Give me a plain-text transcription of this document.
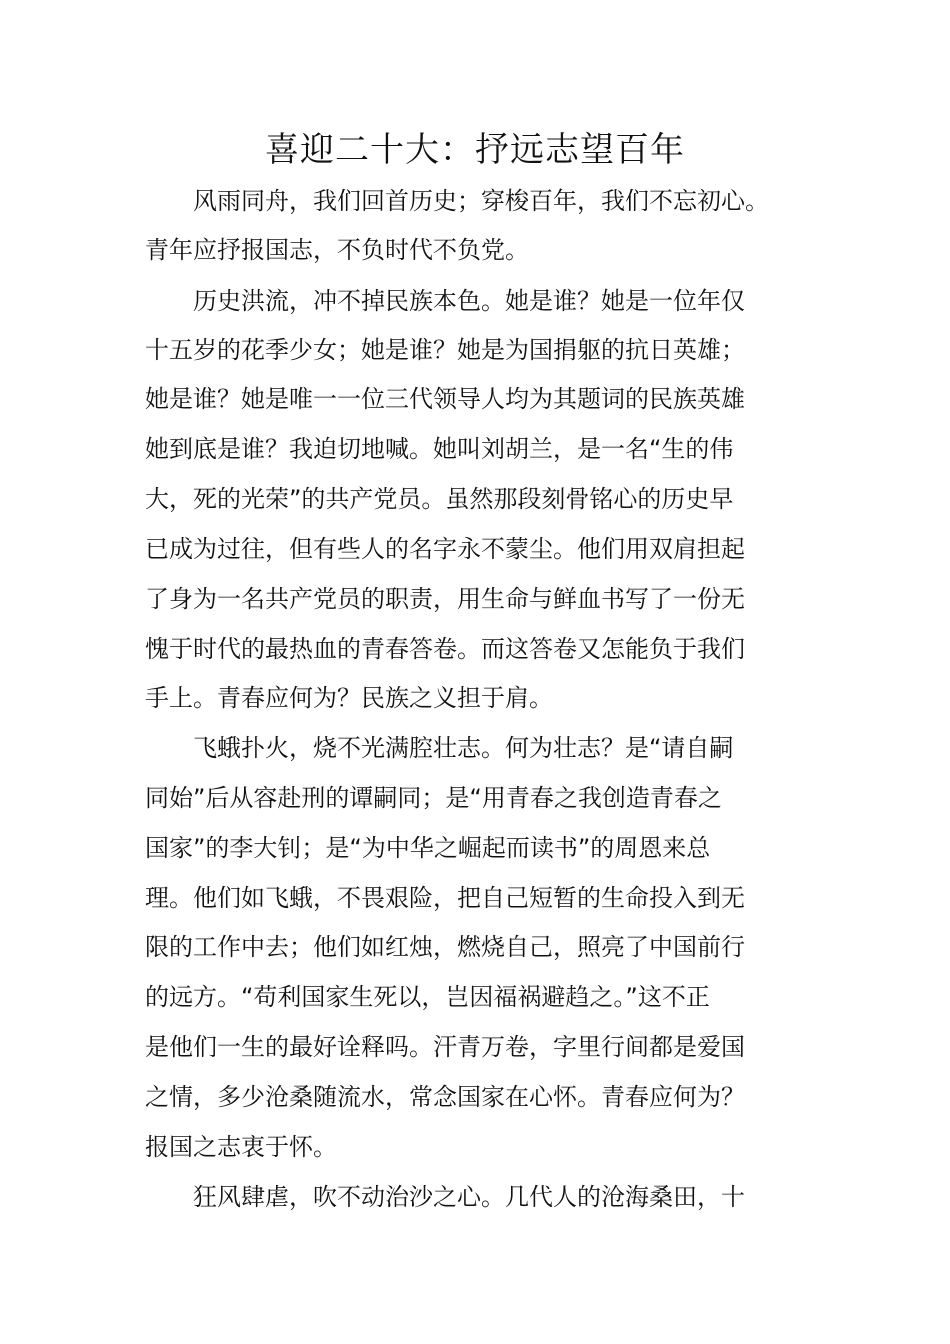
喜迎二十大：抒远志望百年

风雨同舟，我们回首历史；穿梭百年，我们不忘初心。

青年应抒报国志，不负时代不负党。

历史洪流，冲不掉民族本色。她是谁？她是一位年仅

十五岁的花季少女；她是谁？她是为国捐躯的抗日英雄；

她是谁？她是唯一一位三代领导人均为其题词的民族英雄

她到底是谁？我迫切地喊。她叫刘胡兰，是一名“生的伟

大，死的光荣”的共产党员。虽然那段刻骨铭心的历史早

已成为过往，但有些人的名字永不蒙尘。他们用双肩担起

了身为一名共产党员的职责，用生命与鲜血书写了一份无

愧于时代的最热血的青春答卷。而这答卷又怎能负于我们

手上。青春应何为？民族之义担于肩。

飞蛾扑火，烧不光满腔壮志。何为壮志？是“请自嗣

同始”后从容赴刑的谭嗣同；是“用青春之我创造青春之

国家”的李大钊；是“为中华之崛起而读书”的周恩来总

理。他们如飞蛾，不畏艰险，把自己短暂的生命投入到无

限的工作中去；他们如红烛，燃烧自己，照亮了中国前行

的远方。“苟利国家生死以，岂因福祸避趋之。”这不正

是他们一生的最好诠释吗。汗青万卷，字里行间都是爱国

之情，多少沧桑随流水，常念国家在心怀。青春应何为？

报国之志衷于怀。

狂风肆虐，吹不动治沙之心。几代人的沧海桑田，十
